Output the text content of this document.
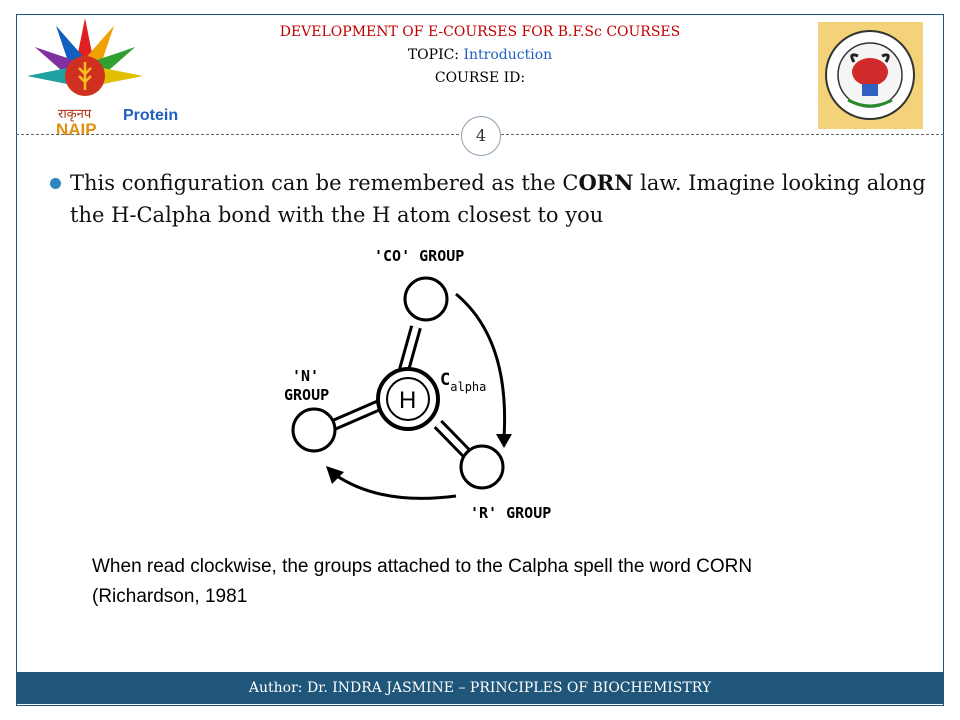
राकृनप
NAIP
DEVELOPMENT OF E-COURSES FOR B.F.Sc COURSES
TOPIC: Introduction
COURSE ID:
Protein
4
This configuration can be remembered as the CORN law. Imagine looking along the H-Calpha bond with the H atom closest to you
'CO' GROUP
'N'
GROUP
'R' GROUP
H
$C_{alpha}$
When read clockwise, the groups attached to the Calpha spell the word CORN (Richardson, 1981
Author: Dr. INDRA JASMINE – PRINCIPLES OF BIOCHEMISTRY
